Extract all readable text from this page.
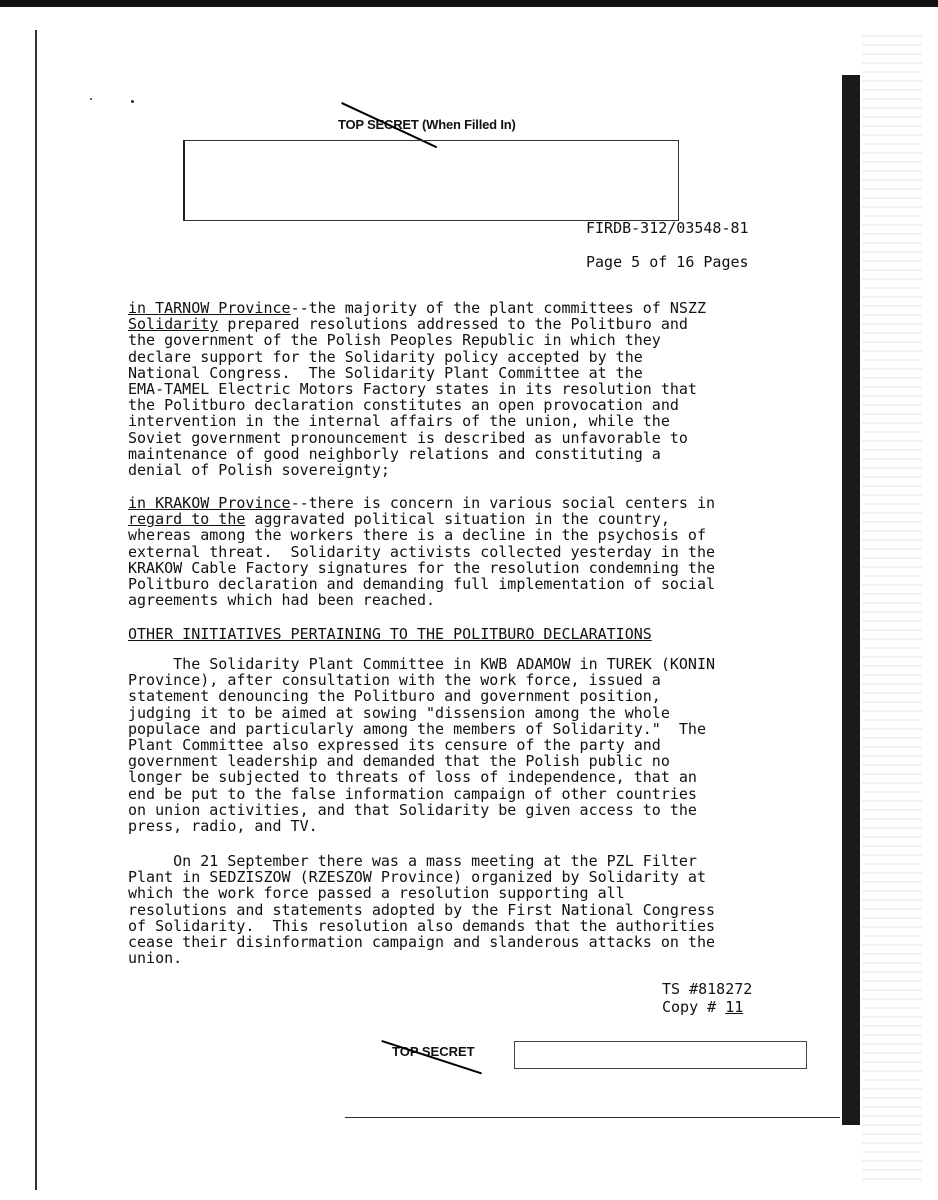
TOP SECRET (When Filled In)
FIRDB-312/03548-81
Page 5 of 16 Pages
in TARNOW Province--the majority of the plant committees of NSZZ
Solidarity prepared resolutions addressed to the Politburo and
the government of the Polish Peoples Republic in which they
declare support for the Solidarity policy accepted by the
National Congress.  The Solidarity Plant Committee at the
EMA-TAMEL Electric Motors Factory states in its resolution that
the Politburo declaration constitutes an open provocation and
intervention in the internal affairs of the union, while the
Soviet government pronouncement is described as unfavorable to
maintenance of good neighborly relations and constituting a
denial of Polish sovereignty;
in KRAKOW Province--there is concern in various social centers in
regard to the aggravated political situation in the country,
whereas among the workers there is a decline in the psychosis of
external threat.  Solidarity activists collected yesterday in the
KRAKOW Cable Factory signatures for the resolution condemning the
Politburo declaration and demanding full implementation of social
agreements which had been reached.
OTHER INITIATIVES PERTAINING TO THE POLITBURO DECLARATIONS
The Solidarity Plant Committee in KWB ADAMOW in TUREK (KONIN
Province), after consultation with the work force, issued a
statement denouncing the Politburo and government position,
judging it to be aimed at sowing "dissension among the whole
populace and particularly among the members of Solidarity."  The
Plant Committee also expressed its censure of the party and
government leadership and demanded that the Polish public no
longer be subjected to threats of loss of independence, that an
end be put to the false information campaign of other countries
on union activities, and that Solidarity be given access to the
press, radio, and TV.
On 21 September there was a mass meeting at the PZL Filter
Plant in SEDZISZOW (RZESZOW Province) organized by Solidarity at
which the work force passed a resolution supporting all
resolutions and statements adopted by the First National Congress
of Solidarity.  This resolution also demands that the authorities
cease their disinformation campaign and slanderous attacks on the
union.
TS #818272
Copy # 11
TOP SECRET
